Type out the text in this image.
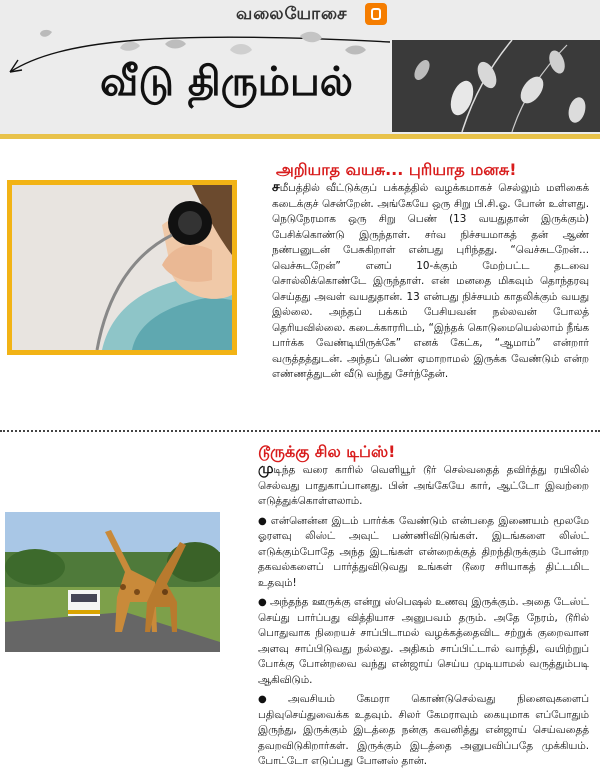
வலையோசை
வீடு திரும்பல்
அறியாத வயசு... புரியாத மனசு!

சமீபத்தில் வீட்டுக்குப் பக்கத்தில் வழக்கமாகச் செல்லும் மளிகைக் கடைக்குச் சென்றேன். அங்கேயே ஒரு சிறு பி.சி.ஓ. போன் உள்ளது. நெடுநேரமாக ஒரு சிறு பெண் (13 வயதுதான் இருக்கும்) பேசிக்கொண்டு இருந்தாள். சர்வ நிச்சயமாகத் தன் ஆண் நண்பனுடன் பேசுகிறாள் என்பது புரிந்தது. “வெச்சுடறேன்... வெச்சுடறேன்” எனப் 10-க்கும் மேற்பட்ட தடவை சொல்லிக்கொண்டே இருந்தாள். என் மனதை மிகவும் தொந்தரவு செய்தது அவள் வயதுதான். 13 என்பது நிச்சயம் காதலிக்கும் வயது இல்லை. அந்தப் பக்கம் பேசியவன் நல்லவன் போலத் தெரியவில்லை. கடைக்காரரிடம், “இந்தக் கொடுமையெல்லாம் நீங்க பார்க்க வேண்டியிருக்கே” எனக் கேட்க, “ஆமாம்” என்றார் வருத்தத்துடன். அந்தப் பெண் ஏமாறாமல் இருக்க வேண்டும் என்ற எண்ணத்துடன் வீடு வந்து சேர்ந்தேன்.

டூருக்கு சில டிப்ஸ்!

முடிந்த வரை காரில் வெளியூர் டூர் செல்வதைத் தவிர்த்து ரயிலில் செல்வது பாதுகாப்பானது. பின் அங்கேயே கார், ஆட்டோ இவற்றை எடுத்துக்கொள்ளலாம்.

● என்னென்ன இடம் பார்க்க வேண்டும் என்பதை இணையம் மூலமே ஓரளவு லிஸ்ட் அவுட் பண்ணிவிடுங்கள். இடங்களை லிஸ்ட் எடுக்கும்போதே அந்த இடங்கள் என்றைக்குத் திறந்திருக்கும் போன்ற தகவல்களைப் பார்த்துவிடுவது உங்கள் டூரை சரியாகத் திட்டமிட உதவும்!

● அந்தந்த ஊருக்கு என்று ஸ்பெஷல் உணவு இருக்கும். அதை டேஸ்ட் செய்து பார்ப்பது வித்தியாச அனுபவம் தரும். அதே நேரம், டூரில் பொதுவாக நிறையச் சாப்பிடாமல் வழக்கத்தைவிட சற்றுக் குறைவான அளவு சாப்பிடுவது நல்லது. அதிகம் சாப்பிட்டால் வாந்தி, வயிற்றுப் போக்கு போன்றவை வந்து என்ஜாய் செய்ய முடியாமல் வருத்தும்படி ஆகிவிடும்.

● அவசியம் கேமரா கொண்டுசெல்வது நினைவுகளைப் பதிவுசெய்துவைக்க உதவும். சிலர் கேமராவும் கையுமாக எப்போதும் இருந்து, இருக்கும் இடத்தை நன்கு கவனித்து என்ஜாய் செய்வதைத் தவறவிடுகிறார்கள். இருக்கும் இடத்தை அனுபவிப்பதே முக்கியம். போட்டோ எடுப்பது போனஸ் தான்.
